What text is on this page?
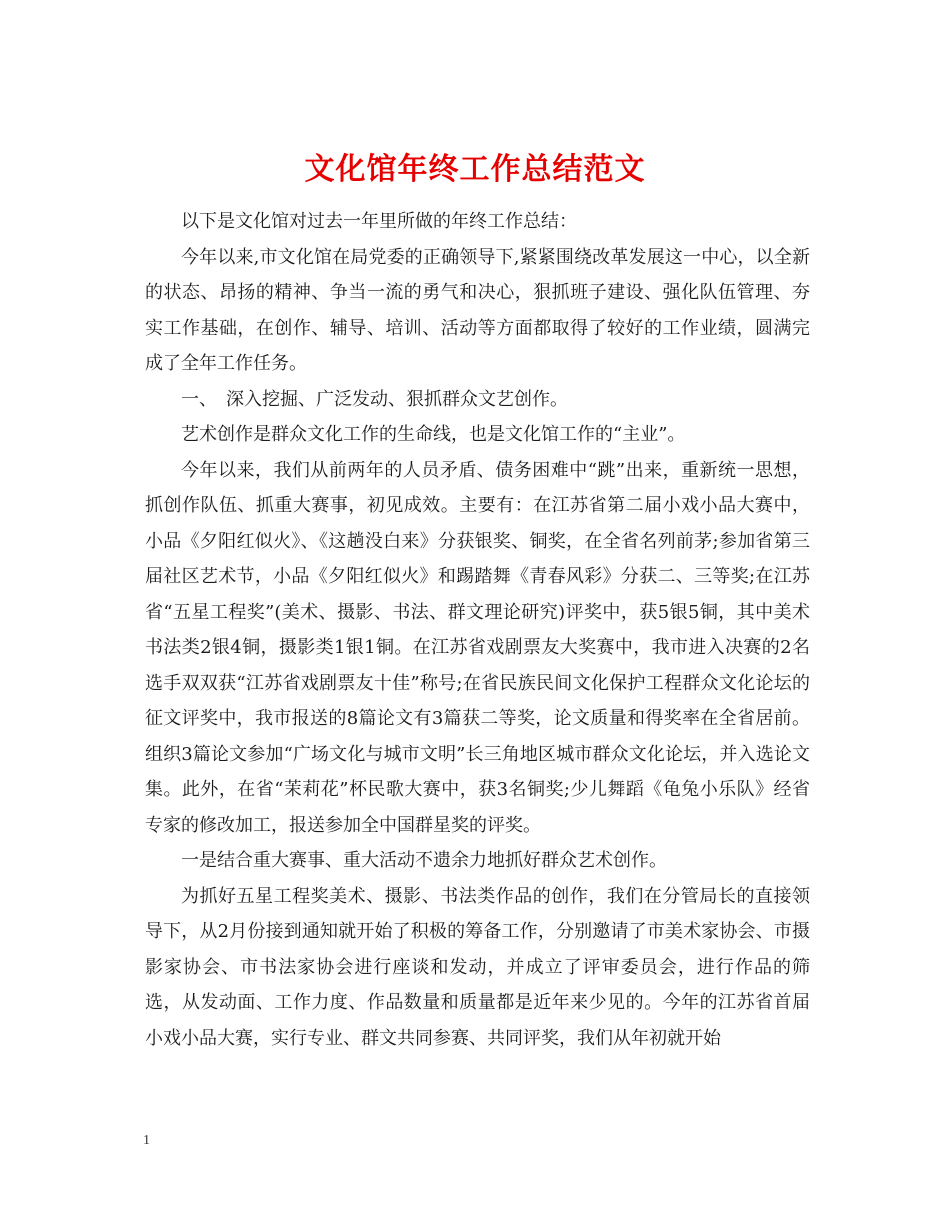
文化馆年终工作总结范文

以下是文化馆对过去一年里所做的年终工作总结：

今年以来,市文化馆在局党委的正确领导下,紧紧围绕改革发展这一中心，以全新的状态、昂扬的精神、争当一流的勇气和决心，狠抓班子建设、强化队伍管理、夯实工作基础，在创作、辅导、培训、活动等方面都取得了较好的工作业绩，圆满完成了全年工作任务。

一、　深入挖掘、广泛发动、狠抓群众文艺创作。

艺术创作是群众文化工作的生命线，也是文化馆工作的“主业”。

今年以来，我们从前两年的人员矛盾、债务困难中“跳”出来，重新统一思想，抓创作队伍、抓重大赛事，初见成效。主要有：在江苏省第二届小戏小品大赛中，小品《夕阳红似火》、《这趟没白来》分获银奖、铜奖，在全省名列前茅;参加省第三届社区艺术节，小品《夕阳红似火》和踢踏舞《青春风彩》分获二、三等奖;在江苏省“五星工程奖”(美术、摄影、书法、群文理论研究)评奖中，获5银5铜，其中美术书法类2银4铜，摄影类1银1铜。在江苏省戏剧票友大奖赛中，我市进入决赛的2名选手双双获“江苏省戏剧票友十佳”称号;在省民族民间文化保护工程群众文化论坛的征文评奖中，我市报送的8篇论文有3篇获二等奖，论文质量和得奖率在全省居前。组织3篇论文参加“广场文化与城市文明”长三角地区城市群众文化论坛，并入选论文集。此外，在省“茉莉花”杯民歌大赛中，获3名铜奖;少儿舞蹈《龟兔小乐队》经省专家的修改加工，报送参加全中国群星奖的评奖。

一是结合重大赛事、重大活动不遗余力地抓好群众艺术创作。

为抓好五星工程奖美术、摄影、书法类作品的创作，我们在分管局长的直接领导下，从2月份接到通知就开始了积极的筹备工作，分别邀请了市美术家协会、市摄影家协会、市书法家协会进行座谈和发动，并成立了评审委员会，进行作品的筛选，从发动面、工作力度、作品数量和质量都是近年来少见的。今年的江苏省首届小戏小品大赛，实行专业、群文共同参赛、共同评奖，我们从年初就开始

1
